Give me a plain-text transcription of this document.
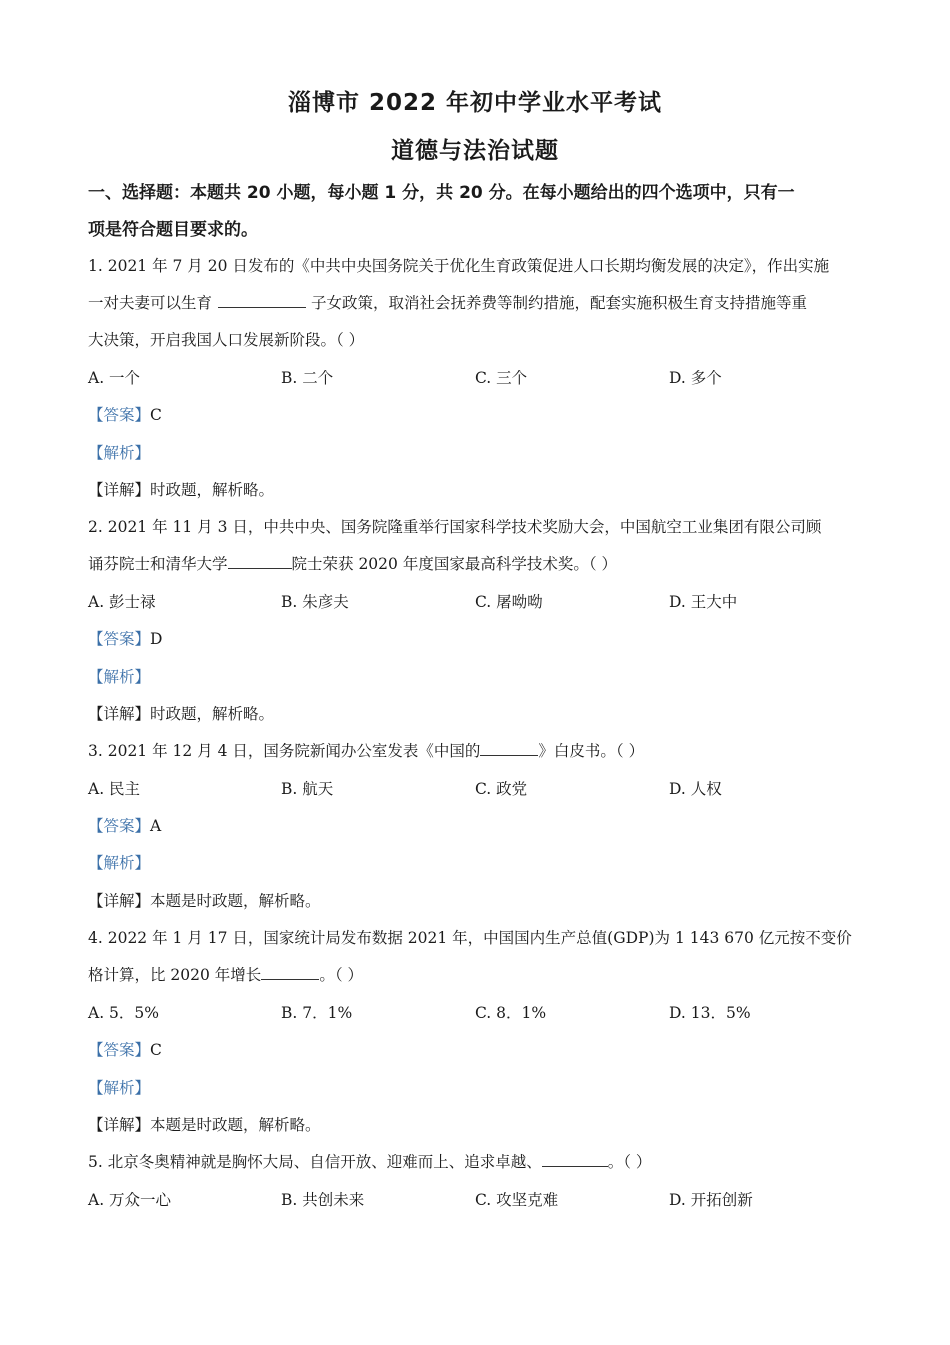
淄博市 2022 年初中学业水平考试
道德与法治试题
一、选择题：本题共 20 小题，每小题 1 分，共 20 分。在每小题给出的四个选项中，只有一
项是符合题目要求的。
1. 2021 年 7 月 20 日发布的《中共中央国务院关于优化生育政策促进人口长期均衡发展的决定》，作出实施
一对夫妻可以生育	子女政策，取消社会抚养费等制约措施，配套实施积极生育支持措施等重
大决策，开启我国人口发展新阶段。（ ）
A. 一个	B. 二个	C. 三个	D. 多个
【答案】C
【解析】
【详解】时政题，解析略。
2. 2021 年 11 月 3 日，中共中央、国务院隆重举行国家科学技术奖励大会，中国航空工业集团有限公司顾
诵芬院士和清华大学	院士荣获 2020 年度国家最高科学技术奖。（ ）
A. 彭士禄	B. 朱彦夫	C. 屠呦呦	D. 王大中
【答案】D
【解析】
【详解】时政题，解析略。
3. 2021 年 12 月 4 日，国务院新闻办公室发表《中国的	》白皮书。（ ）
A. 民主	B. 航天	C. 政党	D. 人权
【答案】A
【解析】
【详解】本题是时政题，解析略。
4. 2022 年 1 月 17 日，国家统计局发布数据 2021 年，中国国内生产总值(GDP)为 1 143 670 亿元按不变价
格计算，比 2020 年增长	。（ ）
A. 5．5%	B. 7．1%	C. 8．1%	D. 13．5%
【答案】C
【解析】
【详解】本题是时政题，解析略。
5. 北京冬奥精神就是胸怀大局、自信开放、迎难而上、追求卓越、	。（ ）
A. 万众一心	B. 共创未来	C. 攻坚克难	D. 开拓创新
